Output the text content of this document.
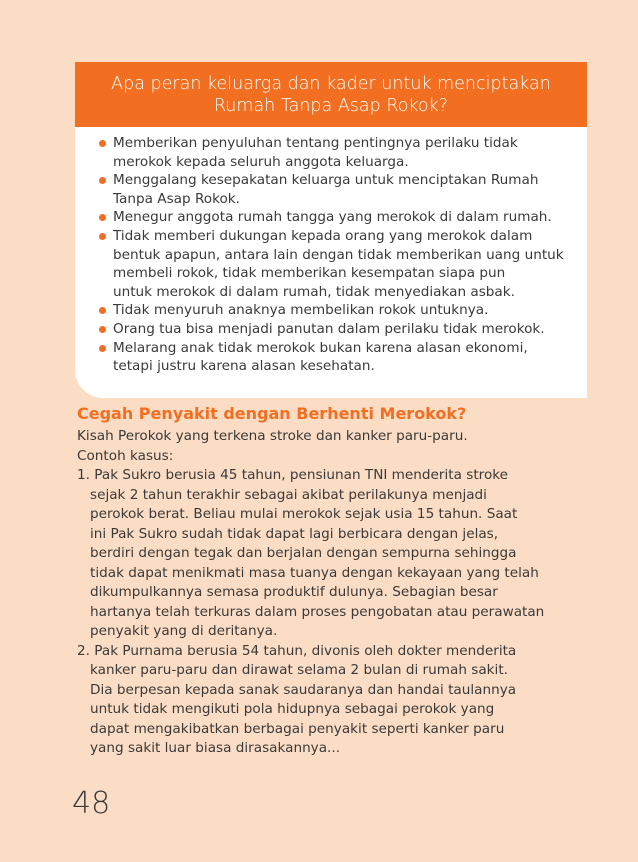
Apa peran keluarga dan kader untuk menciptakan
Rumah Tanpa Asap Rokok?
Memberikan penyuluhan tentang pentingnya perilaku tidak
merokok kepada seluruh anggota keluarga.
Menggalang kesepakatan keluarga untuk menciptakan Rumah
Tanpa Asap Rokok.
Menegur anggota rumah tangga yang merokok di dalam rumah.
Tidak memberi dukungan kepada orang yang merokok dalam
bentuk apapun, antara lain dengan tidak memberikan uang untuk
membeli rokok, tidak memberikan kesempatan siapa pun
untuk merokok di dalam rumah, tidak menyediakan asbak.
Tidak menyuruh anaknya membelikan rokok untuknya.
Orang tua bisa menjadi panutan dalam perilaku tidak merokok.
Melarang anak tidak merokok bukan karena alasan ekonomi,
tetapi justru karena alasan kesehatan.
Cegah Penyakit dengan Berhenti Merokok?
Kisah Perokok yang terkena stroke dan kanker paru-paru.
Contoh kasus:
1. Pak Sukro berusia 45 tahun, pensiunan TNI menderita stroke
sejak 2 tahun terakhir sebagai akibat perilakunya menjadi
perokok berat. Beliau mulai merokok sejak usia 15 tahun. Saat
ini Pak Sukro sudah tidak dapat lagi berbicara dengan jelas,
berdiri dengan tegak dan berjalan dengan sempurna sehingga
tidak dapat menikmati masa tuanya dengan kekayaan yang telah
dikumpulkannya semasa produktif dulunya. Sebagian besar
hartanya telah terkuras dalam proses pengobatan atau perawatan
penyakit yang di deritanya.
2. Pak Purnama berusia 54 tahun, divonis oleh dokter menderita
kanker paru-paru dan dirawat selama 2 bulan di rumah sakit.
Dia berpesan kepada sanak saudaranya dan handai taulannya
untuk tidak mengikuti pola hidupnya sebagai perokok yang
dapat mengakibatkan berbagai penyakit seperti kanker paru
yang sakit luar biasa dirasakannya...
48
